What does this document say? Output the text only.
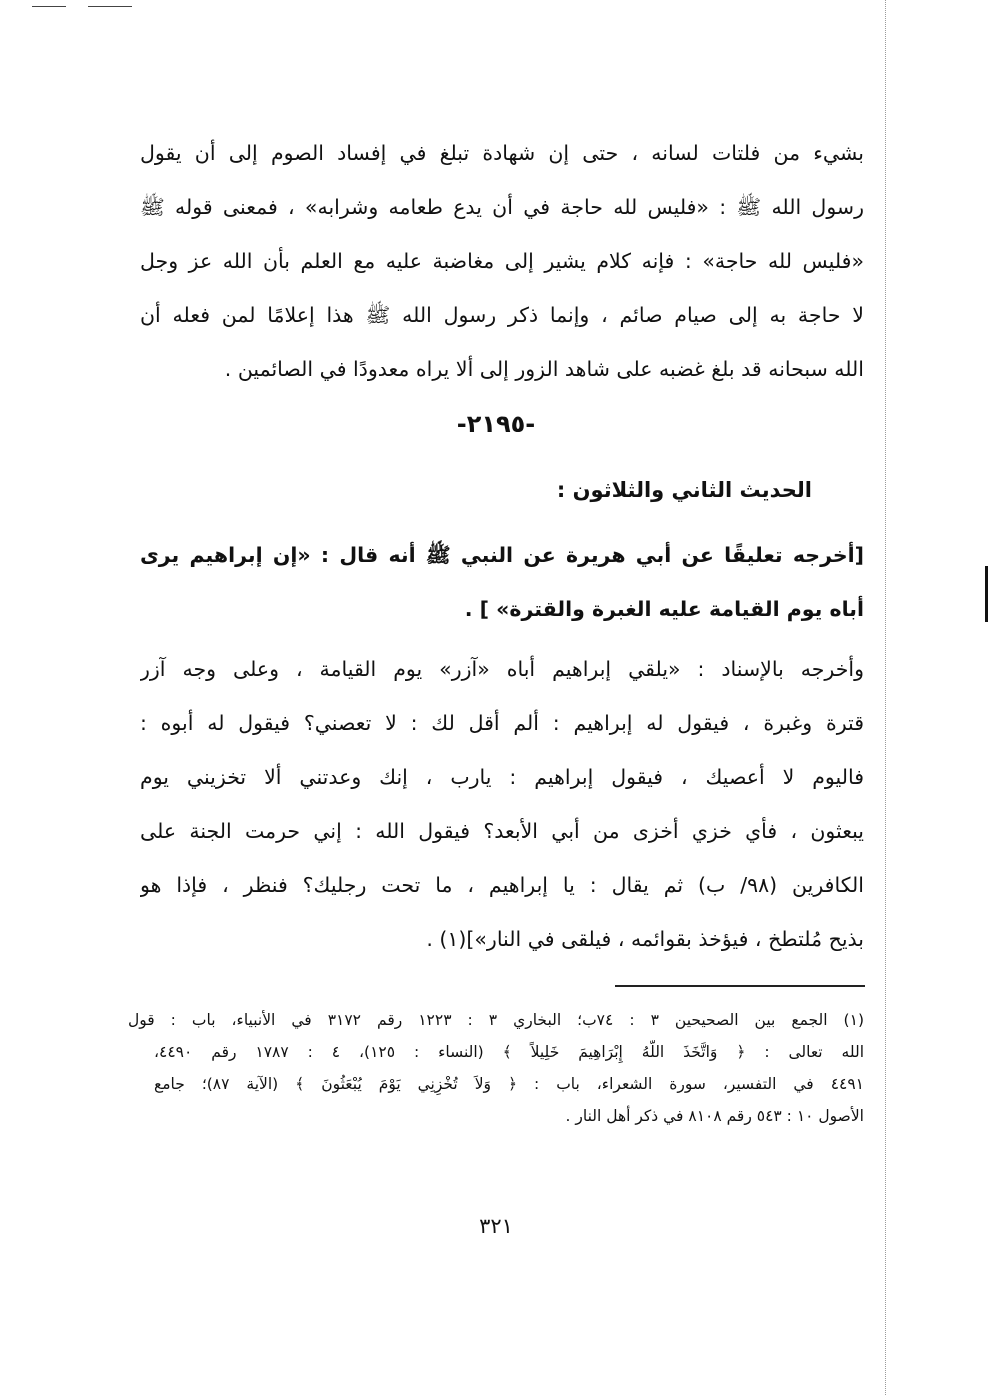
بشيء من فلتات لسانه ، حتى إن شهادة تبلغ في إفساد الصوم إلى أن يقول
رسول الله ﷺ : «فليس لله حاجة في أن يدع طعامه وشرابه» ، فمعنى قوله ﷺ
«فليس لله حاجة» : فإنه كلام يشير إلى مغاضبة عليه مع العلم بأن الله عز وجل
لا حاجة به إلى صيام صائم ، وإنما ذكر رسول الله ﷺ هذا إعلامًا لمن فعله أن
الله سبحانه قد بلغ غضبه على شاهد الزور إلى ألا يراه معدودًا في الصائمين .
-٢١٩٥-
الحديث الثاني والثلاثون :
[أخرجه تعليقًا عن أبي هريرة عن النبي ﷺ أنه قال : «إن إبراهيم يرى
أباه يوم القيامة عليه الغبرة والقترة» ] .
وأخرجه بالإسناد : «يلقي إبراهيم أباه «آزر» يوم القيامة ، وعلى وجه آزر
قترة وغبرة ، فيقول له إبراهيم : ألم أقل لك : لا تعصني؟ فيقول له أبوه :
فاليوم لا أعصيك ، فيقول إبراهيم : يارب ، إنك وعدتني ألا تخزيني يوم
يبعثون ، فأي خزي أخزى من أبي الأبعد؟ فيقول الله : إني حرمت الجنة على
الكافرين (٩٨/ ب) ثم يقال : يا إبراهيم ، ما تحت رجليك؟ فنظر ، فإذا هو
بذيح مُلتطخ ، فيؤخذ بقوائمه ، فيلقى في النار»](١) .
(١) الجمع بين الصحيحين ٣ : ٧٤ب؛ البخاري ٣ : ١٢٢٣ رقم ٣١٧٢ في الأنبياء، باب : قول
الله تعالى : ﴿ وَاتَّخَذَ اللَّهُ إِبْرَاهِيمَ خَلِيلاً ﴾ (النساء : ١٢٥)، ٤ : ١٧٨٧ رقم ٤٤٩٠،
٤٤٩١ في التفسير، سورة الشعراء، باب : ﴿ وَلاَ تُخْزِنِي يَوْمَ يُبْعَثُونَ ﴾ (الآية ٨٧)؛ جامع
الأصول ١٠ : ٥٤٣ رقم ٨١٠٨ في ذكر أهل النار .
٣٢١
